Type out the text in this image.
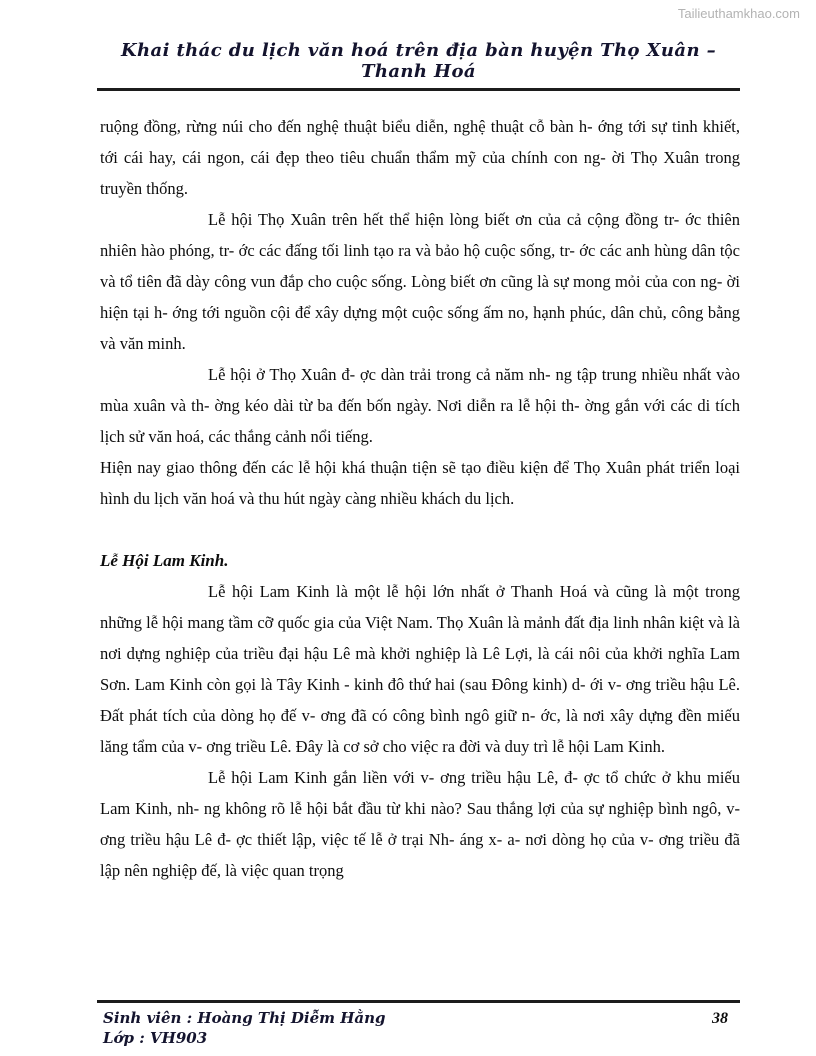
Tailieuthamkhao.com
Khai thác du lịch văn hoá trên địa bàn huyện Thọ Xuân – Thanh Hoá

ruộng đồng, rừng núi cho đến nghệ thuật biểu diễn, nghệ thuật cỗ bàn h- ớng tới sự tinh khiết, tới cái hay, cái ngon, cái đẹp theo tiêu chuẩn thẩm mỹ của chính con ng- ời Thọ Xuân trong truyền thống.

Lễ hội Thọ Xuân trên hết thể hiện lòng biết ơn của cả cộng đồng tr- ớc thiên nhiên hào phóng, tr- ớc các đấng tối linh tạo ra và bảo hộ cuộc sống, tr- ớc các anh hùng dân tộc và tổ tiên đã dày công vun đắp cho cuộc sống. Lòng biết ơn cũng là sự mong mỏi của con ng- ời hiện tại h- ớng tới nguồn cội để xây dựng một cuộc sống ấm no, hạnh phúc, dân chủ, công bằng và văn minh.

Lễ hội ở Thọ Xuân đ- ợc dàn trải trong cả năm nh- ng tập trung nhiều nhất vào mùa xuân và th- ờng kéo dài từ ba đến bốn ngày. Nơi diễn ra lễ hội th- ờng gắn với các di tích lịch sử văn hoá, các thắng cảnh nổi tiếng.

Hiện nay giao thông đến các lễ hội khá thuận tiện sẽ tạo điều kiện để Thọ Xuân phát triển loại hình du lịch văn hoá và thu hút ngày càng nhiều khách du lịch.

Lễ Hội Lam Kinh.

Lễ hội Lam Kinh là một lễ hội lớn nhất ở Thanh Hoá và cũng là một trong những lễ hội mang tầm cỡ quốc gia của Việt Nam. Thọ Xuân là mảnh đất địa linh nhân kiệt và là nơi dựng nghiệp của triều đại hậu Lê mà khởi nghiệp là Lê Lợi, là cái nôi của khởi nghĩa Lam Sơn. Lam Kinh còn gọi là Tây Kinh - kinh đô thứ hai (sau Đông kinh) d- ới v- ơng triều hậu Lê. Đất phát tích của dòng họ đế v- ơng đã có công bình ngô giữ n- ớc, là nơi xây dựng đền miếu lăng tẩm của v- ơng triều Lê. Đây là cơ sở cho việc ra đời và duy trì lễ hội Lam Kinh.

Lễ hội Lam Kinh gắn liền với v- ơng triều hậu Lê, đ- ợc tổ chức ở khu miếu Lam Kinh, nh- ng không rõ lễ hội bắt đầu từ khi nào? Sau thắng lợi của sự nghiệp bình ngô, v- ơng triều hậu Lê đ- ợc thiết lập, việc tế lễ ở trại Nh- áng x- a- nơi dòng họ của v- ơng triều đã lập nên nghiệp đế, là việc quan trọng

Sinh viên : Hoàng Thị Diễm Hằng
Lớp : VH903
38
